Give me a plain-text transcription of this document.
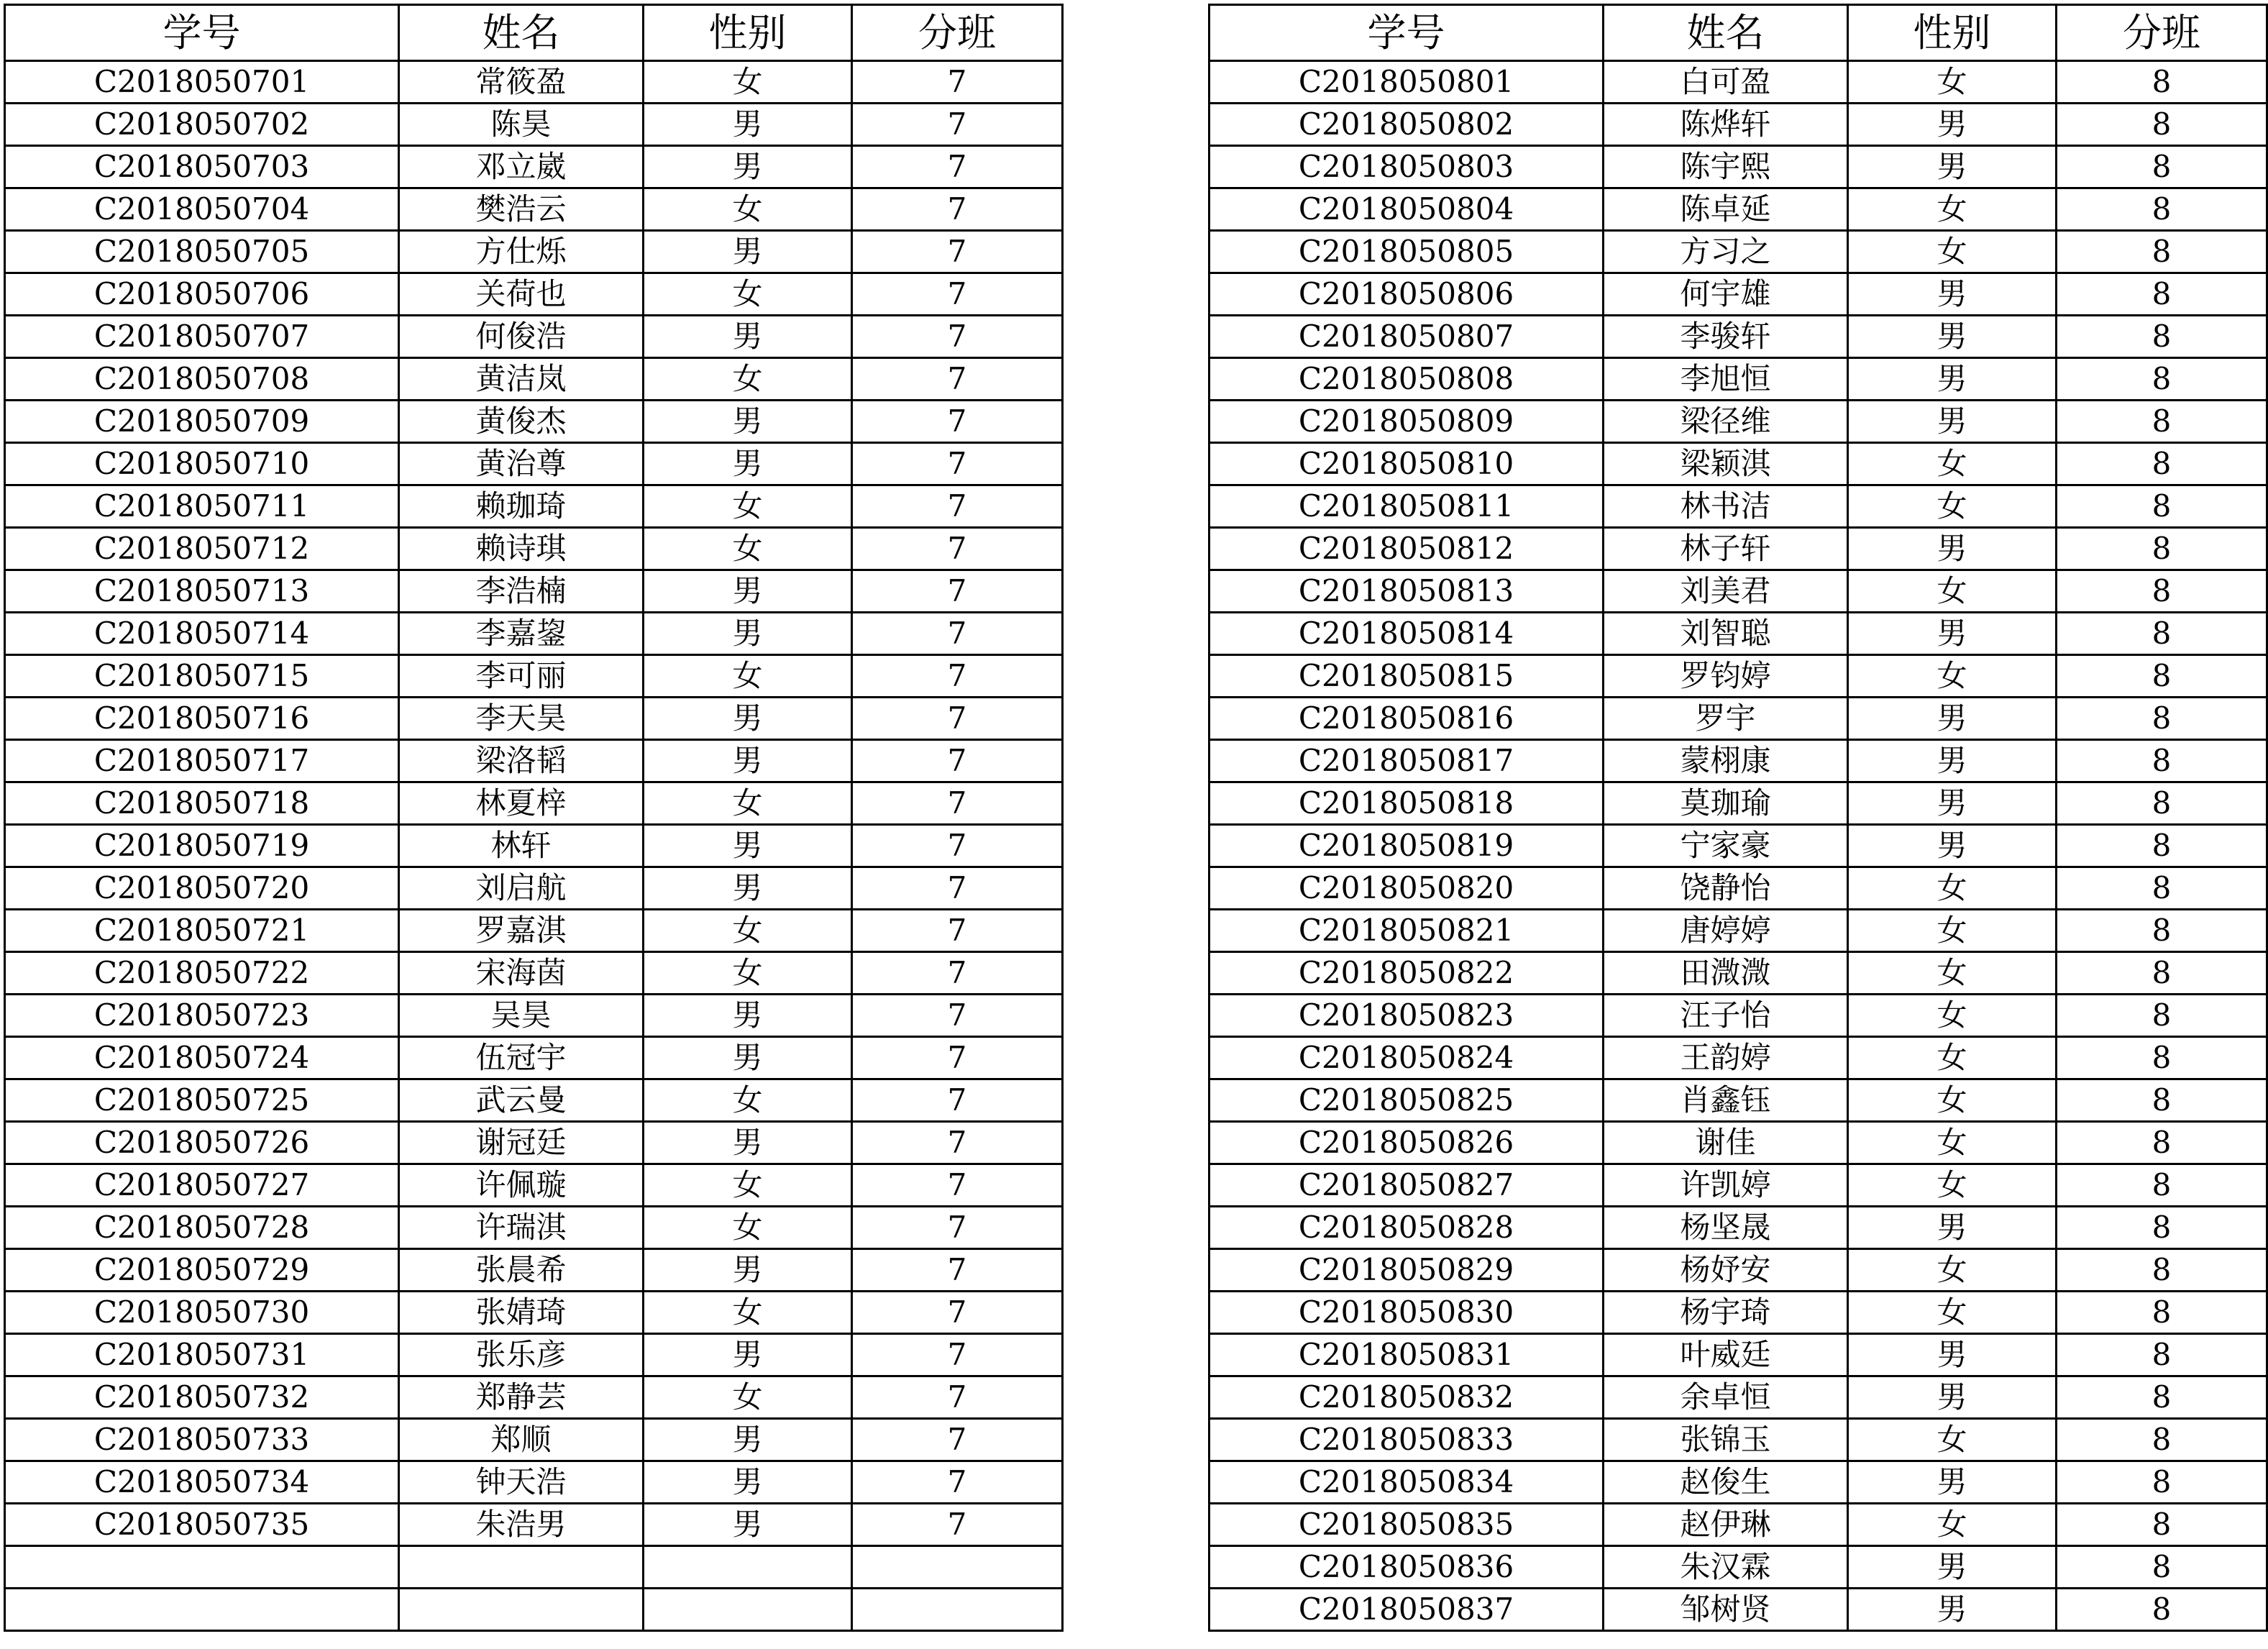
学号	姓名	性别	分班
C2018050701	常筱盈	女	7
C2018050702	陈昊	男	7
C2018050703	邓立崴	男	7
C2018050704	樊浩云	女	7
C2018050705	方仕烁	男	7
C2018050706	关荷也	女	7
C2018050707	何俊浩	男	7
C2018050708	黄洁岚	女	7
C2018050709	黄俊杰	男	7
C2018050710	黄治尊	男	7
C2018050711	赖珈琦	女	7
C2018050712	赖诗琪	女	7
C2018050713	李浩楠	男	7
C2018050714	李嘉鋆	男	7
C2018050715	李可丽	女	7
C2018050716	李天昊	男	7
C2018050717	梁洛韬	男	7
C2018050718	林夏梓	女	7
C2018050719	林轩	男	7
C2018050720	刘启航	男	7
C2018050721	罗嘉淇	女	7
C2018050722	宋海茵	女	7
C2018050723	吴昊	男	7
C2018050724	伍冠宇	男	7
C2018050725	武云曼	女	7
C2018050726	谢冠廷	男	7
C2018050727	许佩璇	女	7
C2018050728	许瑞淇	女	7
C2018050729	张晨希	男	7
C2018050730	张婧琦	女	7
C2018050731	张乐彦	男	7
C2018050732	郑静芸	女	7
C2018050733	郑顺	男	7
C2018050734	钟天浩	男	7
C2018050735	朱浩男	男	7

学号	姓名	性别	分班
C2018050801	白可盈	女	8
C2018050802	陈烨轩	男	8
C2018050803	陈宇熙	男	8
C2018050804	陈卓延	女	8
C2018050805	方习之	女	8
C2018050806	何宇雄	男	8
C2018050807	李骏轩	男	8
C2018050808	李旭恒	男	8
C2018050809	梁径维	男	8
C2018050810	梁颖淇	女	8
C2018050811	林书洁	女	8
C2018050812	林子轩	男	8
C2018050813	刘美君	女	8
C2018050814	刘智聪	男	8
C2018050815	罗钧婷	女	8
C2018050816	罗宇	男	8
C2018050817	蒙栩康	男	8
C2018050818	莫珈瑜	男	8
C2018050819	宁家豪	男	8
C2018050820	饶静怡	女	8
C2018050821	唐婷婷	女	8
C2018050822	田溦溦	女	8
C2018050823	汪子怡	女	8
C2018050824	王韵婷	女	8
C2018050825	肖鑫钰	女	8
C2018050826	谢佳	女	8
C2018050827	许凯婷	女	8
C2018050828	杨坚晟	男	8
C2018050829	杨妤安	女	8
C2018050830	杨宇琦	女	8
C2018050831	叶威廷	男	8
C2018050832	余卓恒	男	8
C2018050833	张锦玉	女	8
C2018050834	赵俊生	男	8
C2018050835	赵伊琳	女	8
C2018050836	朱汉霖	男	8
C2018050837	邹树贤	男	8
